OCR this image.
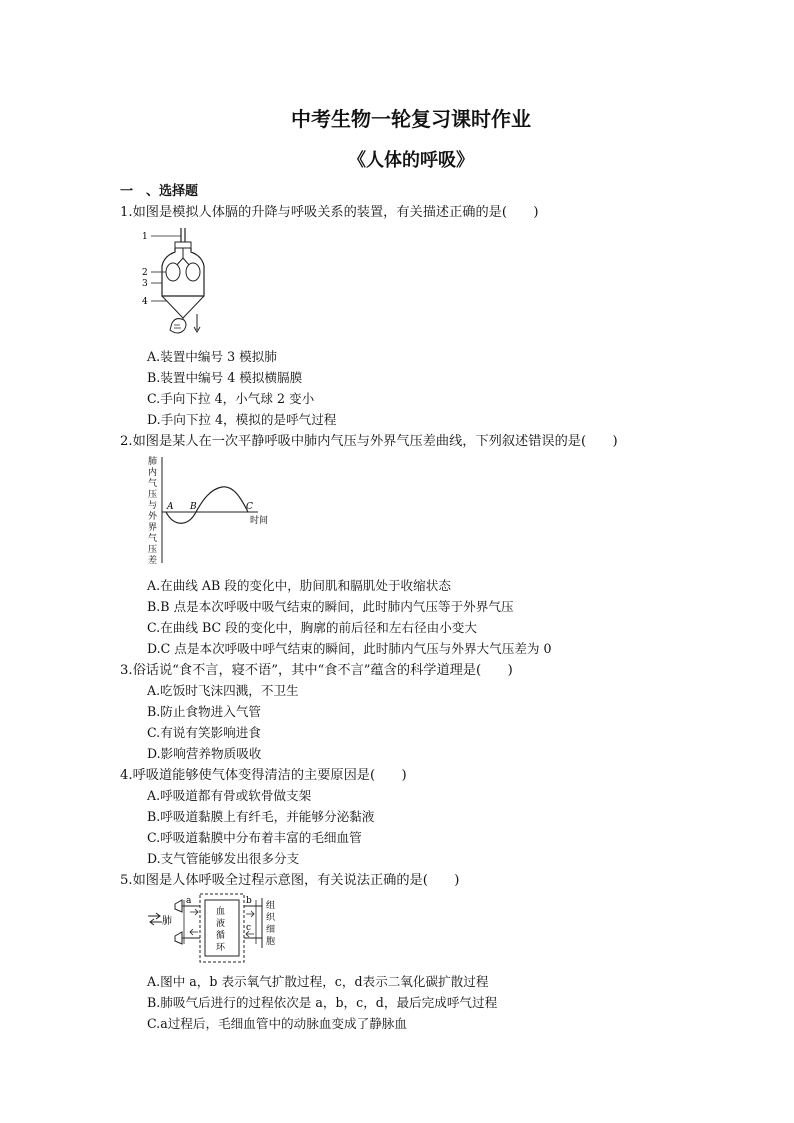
中考生物一轮复习课时作业
《人体的呼吸》
一　、选择题
1.如图是模拟人体膈的升降与呼吸关系的装置，有关描述正确的是(　　)
1
2
3
4
A.装置中编号 3 模拟肺
B.装置中编号 4 模拟横膈膜
C.手向下拉 4，小气球 2 变小
D.手向下拉 4，模拟的是呼气过程
2.如图是某人在一次平静呼吸中肺内气压与外界气压差曲线，下列叙述错误的是(　　)
肺
内
气
压
与
外
界
气
压
差
A B	C
时间
A.在曲线 AB 段的变化中，肋间肌和膈肌处于收缩状态
B.B 点是本次呼吸中吸气结束的瞬间，此时肺内气压等于外界气压
C.在曲线 BC 段的变化中，胸廓的前后径和左右径由小变大
D.C 点是本次呼吸中呼气结束的瞬间，此时肺内气压与外界大气压差为 0
3.俗话说“食不言，寝不语”，其中“食不言”蕴含的科学道理是(　　)
A.吃饭时飞沫四溅，不卫生
B.防止食物进入气管
C.有说有笑影响进食
D.影响营养物质吸收
4.呼吸道能够使气体变得清洁的主要原因是(　　)
A.呼吸道都有骨或软骨做支架
B.呼吸道黏膜上有纤毛，并能够分泌黏液
C.呼吸道黏膜中分布着丰富的毛细血管
D.支气管能够发出很多分支
5.如图是人体呼吸全过程示意图，有关说法正确的是(　　)
肺
a
血
液
循
环
b
c
组
织
细
胞
A.图中 a，b 表示氧气扩散过程，c，d表示二氧化碳扩散过程
B.肺吸气后进行的过程依次是 a，b，c，d，最后完成呼气过程
C.a过程后，毛细血管中的动脉血变成了静脉血
